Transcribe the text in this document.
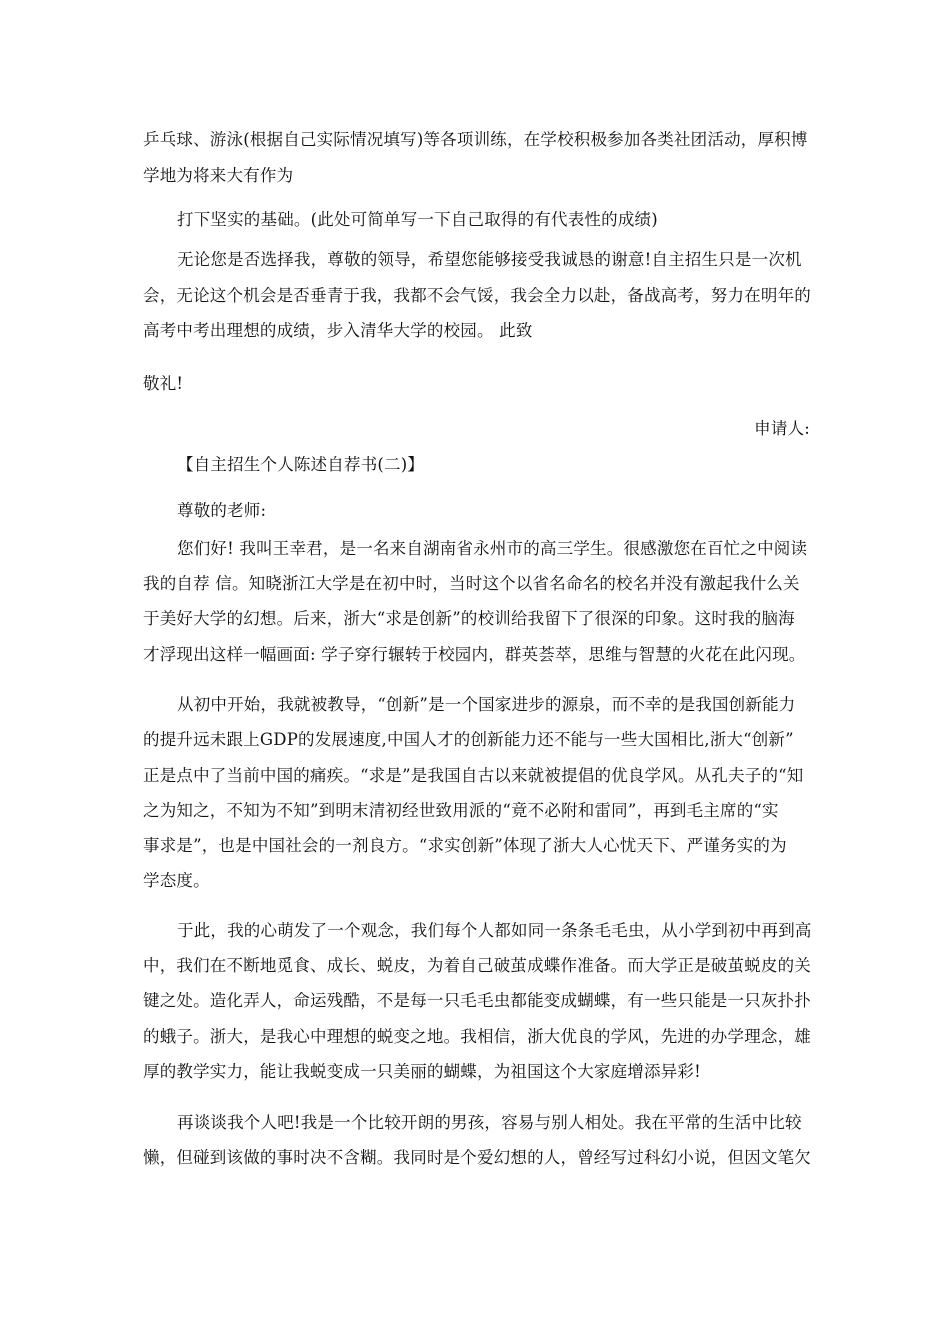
乒乓球、游泳(根据自己实际情况填写)等各项训练，在学校积极参加各类社团活动，厚积博
学地为将来大有作为
打下坚实的基础。(此处可简单写一下自己取得的有代表性的成绩)
无论您是否选择我，尊敬的领导，希望您能够接受我诚恳的谢意!自主招生只是一次机
会，无论这个机会是否垂青于我，我都不会气馁，我会全力以赴，备战高考，努力在明年的
高考中考出理想的成绩，步入清华大学的校园。 此致
敬礼!
申请人:
【自主招生个人陈述自荐书(二)】
尊敬的老师:
您们好! 我叫王幸君，是一名来自湖南省永州市的高三学生。很感激您在百忙之中阅读
我的自荐 信。知晓浙江大学是在初中时，当时这个以省名命名的校名并没有激起我什么关
于美好大学的幻想。后来，浙大“求是创新”的校训给我留下了很深的印象。这时我的脑海
才浮现出这样一幅画面: 学子穿行辗转于校园内，群英荟萃，思维与智慧的火花在此闪现。
从初中开始，我就被教导，“创新”是一个国家进步的源泉，而不幸的是我国创新能力
的提升远未跟上GDP的发展速度,中国人才的创新能力还不能与一些大国相比,浙大“创新”
正是点中了当前中国的痛疾。“求是”是我国自古以来就被提倡的优良学风。从孔夫子的“知
之为知之，不知为不知”到明末清初经世致用派的“竟不必附和雷同”，再到毛主席的“实
事求是”，也是中国社会的一剂良方。“求实创新”体现了浙大人心忧天下、严谨务实的为
学态度。
于此，我的心萌发了一个观念，我们每个人都如同一条条毛毛虫，从小学到初中再到高
中，我们在不断地觅食、成长、蜕皮，为着自己破茧成蝶作准备。而大学正是破茧蜕皮的关
键之处。造化弄人，命运残酷，不是每一只毛毛虫都能变成蝴蝶，有一些只能是一只灰扑扑
的蛾子。浙大，是我心中理想的蜕变之地。我相信，浙大优良的学风，先进的办学理念，雄
厚的教学实力，能让我蜕变成一只美丽的蝴蝶，为祖国这个大家庭增添异彩!
再谈谈我个人吧!我是一个比较开朗的男孩，容易与别人相处。我在平常的生活中比较
懒，但碰到该做的事时决不含糊。我同时是个爱幻想的人，曾经写过科幻小说，但因文笔欠
